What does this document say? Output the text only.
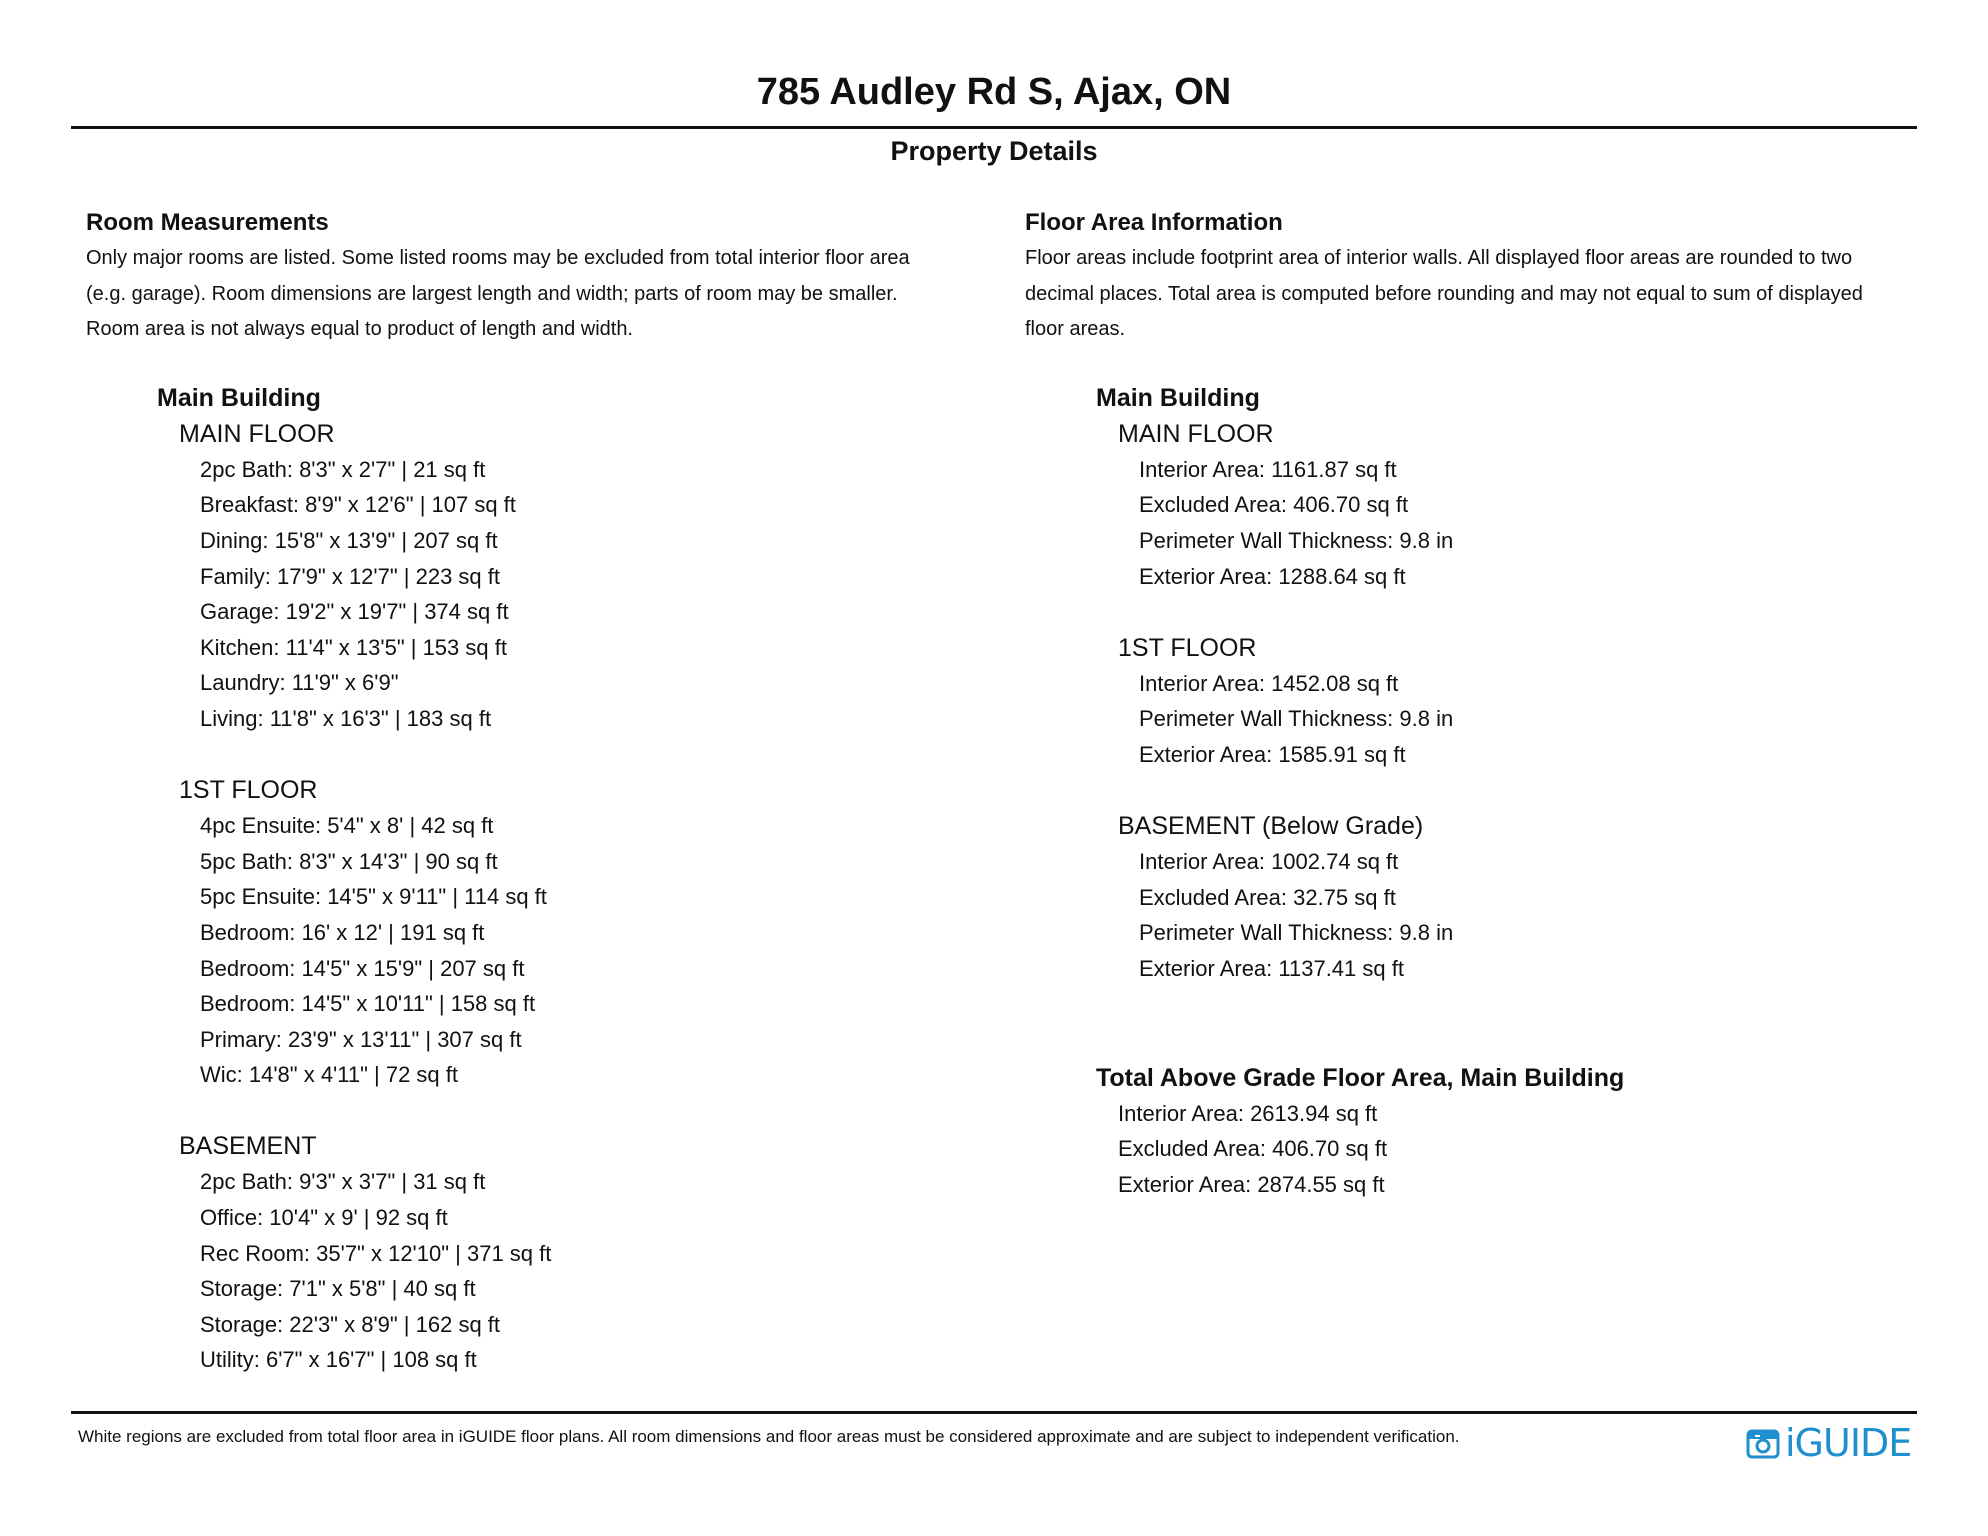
785 Audley Rd S, Ajax, ON
Property Details
Room Measurements
Only major rooms are listed. Some listed rooms may be excluded from total interior floor area
(e.g. garage). Room dimensions are largest length and width; parts of room may be smaller.
Room area is not always equal to product of length and width.
Main Building
MAIN FLOOR
2pc Bath: 8'3" x 2'7" | 21 sq ft
Breakfast: 8'9" x 12'6" | 107 sq ft
Dining: 15'8" x 13'9" | 207 sq ft
Family: 17'9" x 12'7" | 223 sq ft
Garage: 19'2" x 19'7" | 374 sq ft
Kitchen: 11'4" x 13'5" | 153 sq ft
Laundry: 11'9" x 6'9"
Living: 11'8" x 16'3" | 183 sq ft
1ST FLOOR
4pc Ensuite: 5'4" x 8' | 42 sq ft
5pc Bath: 8'3" x 14'3" | 90 sq ft
5pc Ensuite: 14'5" x 9'11" | 114 sq ft
Bedroom: 16' x 12' | 191 sq ft
Bedroom: 14'5" x 15'9" | 207 sq ft
Bedroom: 14'5" x 10'11" | 158 sq ft
Primary: 23'9" x 13'11" | 307 sq ft
Wic: 14'8" x 4'11" | 72 sq ft
BASEMENT
2pc Bath: 9'3" x 3'7" | 31 sq ft
Office: 10'4" x 9' | 92 sq ft
Rec Room: 35'7" x 12'10" | 371 sq ft
Storage: 7'1" x 5'8" | 40 sq ft
Storage: 22'3" x 8'9" | 162 sq ft
Utility: 6'7" x 16'7" | 108 sq ft
Floor Area Information
Floor areas include footprint area of interior walls. All displayed floor areas are rounded to two
decimal places. Total area is computed before rounding and may not equal to sum of displayed
floor areas.
Main Building
MAIN FLOOR
Interior Area: 1161.87 sq ft
Excluded Area: 406.70 sq ft
Perimeter Wall Thickness: 9.8 in
Exterior Area: 1288.64 sq ft
1ST FLOOR
Interior Area: 1452.08 sq ft
Perimeter Wall Thickness: 9.8 in
Exterior Area: 1585.91 sq ft
BASEMENT (Below Grade)
Interior Area: 1002.74 sq ft
Excluded Area: 32.75 sq ft
Perimeter Wall Thickness: 9.8 in
Exterior Area: 1137.41 sq ft
Total Above Grade Floor Area, Main Building
Interior Area: 2613.94 sq ft
Excluded Area: 406.70 sq ft
Exterior Area: 2874.55 sq ft
White regions are excluded from total floor area in iGUIDE floor plans. All room dimensions and floor areas must be considered approximate and are subject to independent verification.	iGUIDE
